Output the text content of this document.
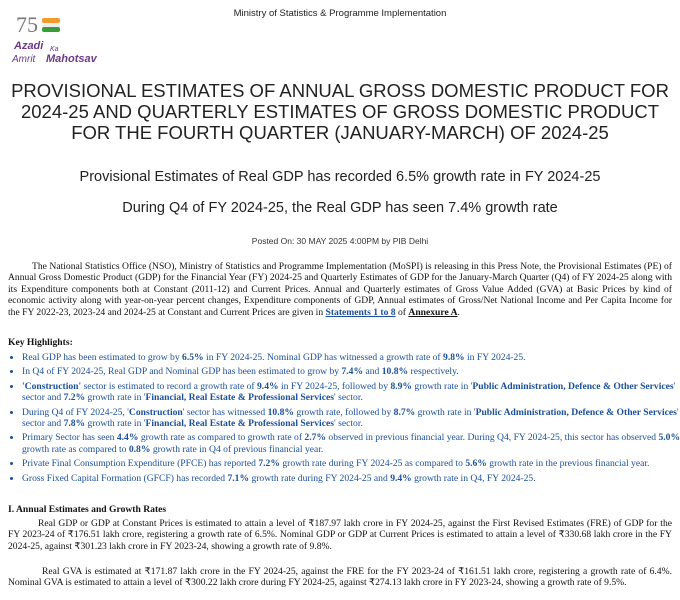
Ministry of Statistics & Programme Implementation
75
Azadi Ka
Amrit Mahotsav
PROVISIONAL ESTIMATES OF ANNUAL GROSS DOMESTIC PRODUCT FOR 2024-25 AND QUARTERLY ESTIMATES OF GROSS DOMESTIC PRODUCT FOR THE FOURTH QUARTER (JANUARY-MARCH) OF 2024-25
Provisional Estimates of Real GDP has recorded 6.5% growth rate in FY 2024-25
During Q4 of FY 2024-25, the Real GDP has seen 7.4% growth rate
Posted On: 30 MAY 2025 4:00PM by PIB Delhi
The National Statistics Office (NSO), Ministry of Statistics and Programme Implementation (MoSPI) is releasing in this Press Note, the Provisional Estimates (PE) of Annual Gross Domestic Product (GDP) for the Financial Year (FY) 2024-25 and Quarterly Estimates of GDP for the January-March Quarter (Q4) of FY 2024-25 along with its Expenditure components both at Constant (2011-12) and Current Prices. Annual and Quarterly estimates of Gross Value Added (GVA) at Basic Prices by kind of economic activity along with year-on-year percent changes, Expenditure components of GDP, Annual estimates of Gross/Net National Income and Per Capita Income for the FY 2022-23, 2023-24 and 2024-25 at Constant and Current Prices are given in Statements 1 to 8 of Annexure A.
Key Highlights:
• Real GDP has been estimated to grow by 6.5% in FY 2024-25. Nominal GDP has witnessed a growth rate of 9.8% in FY 2024-25.
• In Q4 of FY 2024-25, Real GDP and Nominal GDP has been estimated to grow by 7.4% and 10.8% respectively.
• 'Construction' sector is estimated to record a growth rate of 9.4% in FY 2024-25, followed by 8.9% growth rate in 'Public Administration, Defence & Other Services' sector and 7.2% growth rate in 'Financial, Real Estate & Professional Services' sector.
• During Q4 of FY 2024-25, 'Construction' sector has witnessed 10.8% growth rate, followed by 8.7% growth rate in 'Public Administration, Defence & Other Services' sector and 7.8% growth rate in 'Financial, Real Estate & Professional Services' sector.
• Primary Sector has seen 4.4% growth rate as compared to growth rate of 2.7% observed in previous financial year. During Q4, FY 2024-25, this sector has observed 5.0% growth rate as compared to 0.8% growth rate in Q4 of previous financial year.
• Private Final Consumption Expenditure (PFCE) has reported 7.2% growth rate during FY 2024-25 as compared to 5.6% growth rate in the previous financial year.
• Gross Fixed Capital Formation (GFCF) has recorded 7.1% growth rate during FY 2024-25 and 9.4% growth rate in Q4, FY 2024-25.
I. Annual Estimates and Growth Rates
Real GDP or GDP at Constant Prices is estimated to attain a level of ₹187.97 lakh crore in FY 2024-25, against the First Revised Estimates (FRE) of GDP for the FY 2023-24 of ₹176.51 lakh crore, registering a growth rate of 6.5%. Nominal GDP or GDP at Current Prices is estimated to attain a level of ₹330.68 lakh crore in the FY 2024-25, against ₹301.23 lakh crore in FY 2023-24, showing a growth rate of 9.8%.
Real GVA is estimated at ₹171.87 lakh crore in the FY 2024-25, against the FRE for the FY 2023-24 of ₹161.51 lakh crore, registering a growth rate of 6.4%. Nominal GVA is estimated to attain a level of ₹300.22 lakh crore during FY 2024-25, against ₹274.13 lakh crore in FY 2023-24, showing a growth rate of 9.5%.
